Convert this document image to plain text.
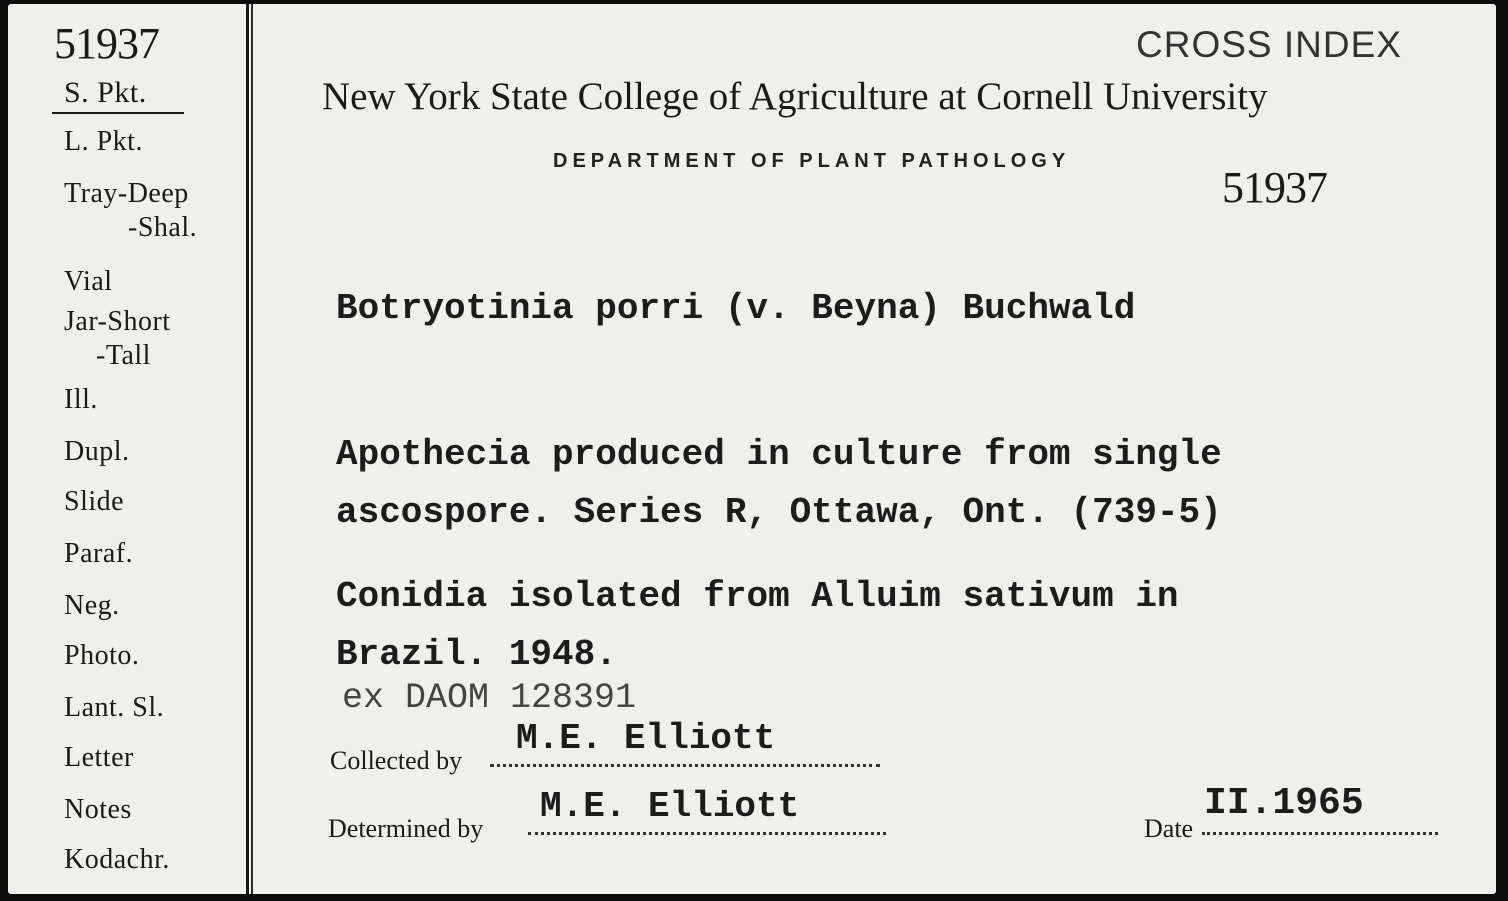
51937
S. Pkt.
L. Pkt.
Tray-Deep
-Shal.
Vial
Jar-Short
-Tall
Ill.
Dupl.
Slide
Paraf.
Neg.
Photo.
Lant. Sl.
Letter
Notes
Kodachr.
CROSS INDEX
New York State College of Agriculture at Cornell University
DEPARTMENT OF PLANT PATHOLOGY
51937
Botryotinia porri (v. Beyna) Buchwald
Apothecia produced in culture from single
ascospore. Series R, Ottawa, Ont. (739-5)
Conidia isolated from Alluim sativum in
Brazil. 1948.
ex DAOM 128391
Collected by
M.E. Elliott
Determined by
M.E. Elliott
Date
II.1965
